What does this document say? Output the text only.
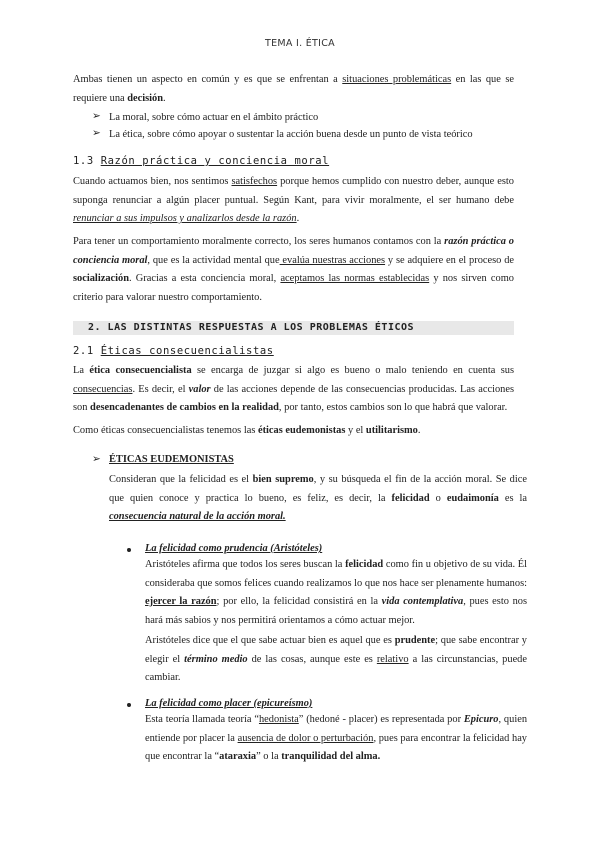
TEMA I. ÉTICA
Ambas tienen un aspecto en común y es que se enfrentan a situaciones problemáticas en las que se requiere una decisión.
➢ La moral, sobre cómo actuar en el ámbito práctico
➢ La ética, sobre cómo apoyar o sustentar la acción buena desde un punto de vista teórico
1.3 Razón práctica y conciencia moral
Cuando actuamos bien, nos sentimos satisfechos porque hemos cumplido con nuestro deber, aunque esto suponga renunciar a algún placer puntual. Según Kant, para vivir moralmente, el ser humano debe renunciar a sus impulsos y analizarlos desde la razón.
Para tener un comportamiento moralmente correcto, los seres humanos contamos con la razón práctica o conciencia moral, que es la actividad mental que evalúa nuestras acciones y se adquiere en el proceso de socialización. Gracias a esta conciencia moral, aceptamos las normas establecidas y nos sirven como criterio para valorar nuestro comportamiento.
2. LAS DISTINTAS RESPUESTAS A LOS PROBLEMAS ÉTICOS
2.1 Éticas consecuencialistas
La ética consecuencialista se encarga de juzgar si algo es bueno o malo teniendo en cuenta sus consecuencias. Es decir, el valor de las acciones depende de las consecuencias producidas. Las acciones son desencadenantes de cambios en la realidad, por tanto, estos cambios son lo que habrá que valorar.
Como éticas consecuencialistas tenemos las éticas eudemonistas y el utilitarismo.
➢ ÉTICAS EUDEMONISTAS
Consideran que la felicidad es el bien supremo, y su búsqueda el fin de la acción moral. Se dice que quien conoce y practica lo bueno, es feliz, es decir, la felicidad o eudaimonía es la consecuencia natural de la acción moral.
La felicidad como prudencia (Aristóteles)
Aristóteles afirma que todos los seres buscan la felicidad como fin u objetivo de su vida. Él consideraba que somos felices cuando realizamos lo que nos hace ser plenamente humanos: ejercer la razón; por ello, la felicidad consistirá en la vida contemplativa, pues esto nos hará más sabios y nos permitirá orientamos a cómo actuar mejor.
Aristóteles dice que el que sabe actuar bien es aquel que es prudente; que sabe encontrar y elegir el término medio de las cosas, aunque este es relativo a las circunstancias, puede cambiar.
La felicidad como placer (epicureísmo)
Esta teoría llamada teoría “hedonista” (hedoné - placer) es representada por Epicuro, quien entiende por placer la ausencia de dolor o perturbación, pues para encontrar la felicidad hay que encontrar la “ataraxia” o la tranquilidad del alma.
